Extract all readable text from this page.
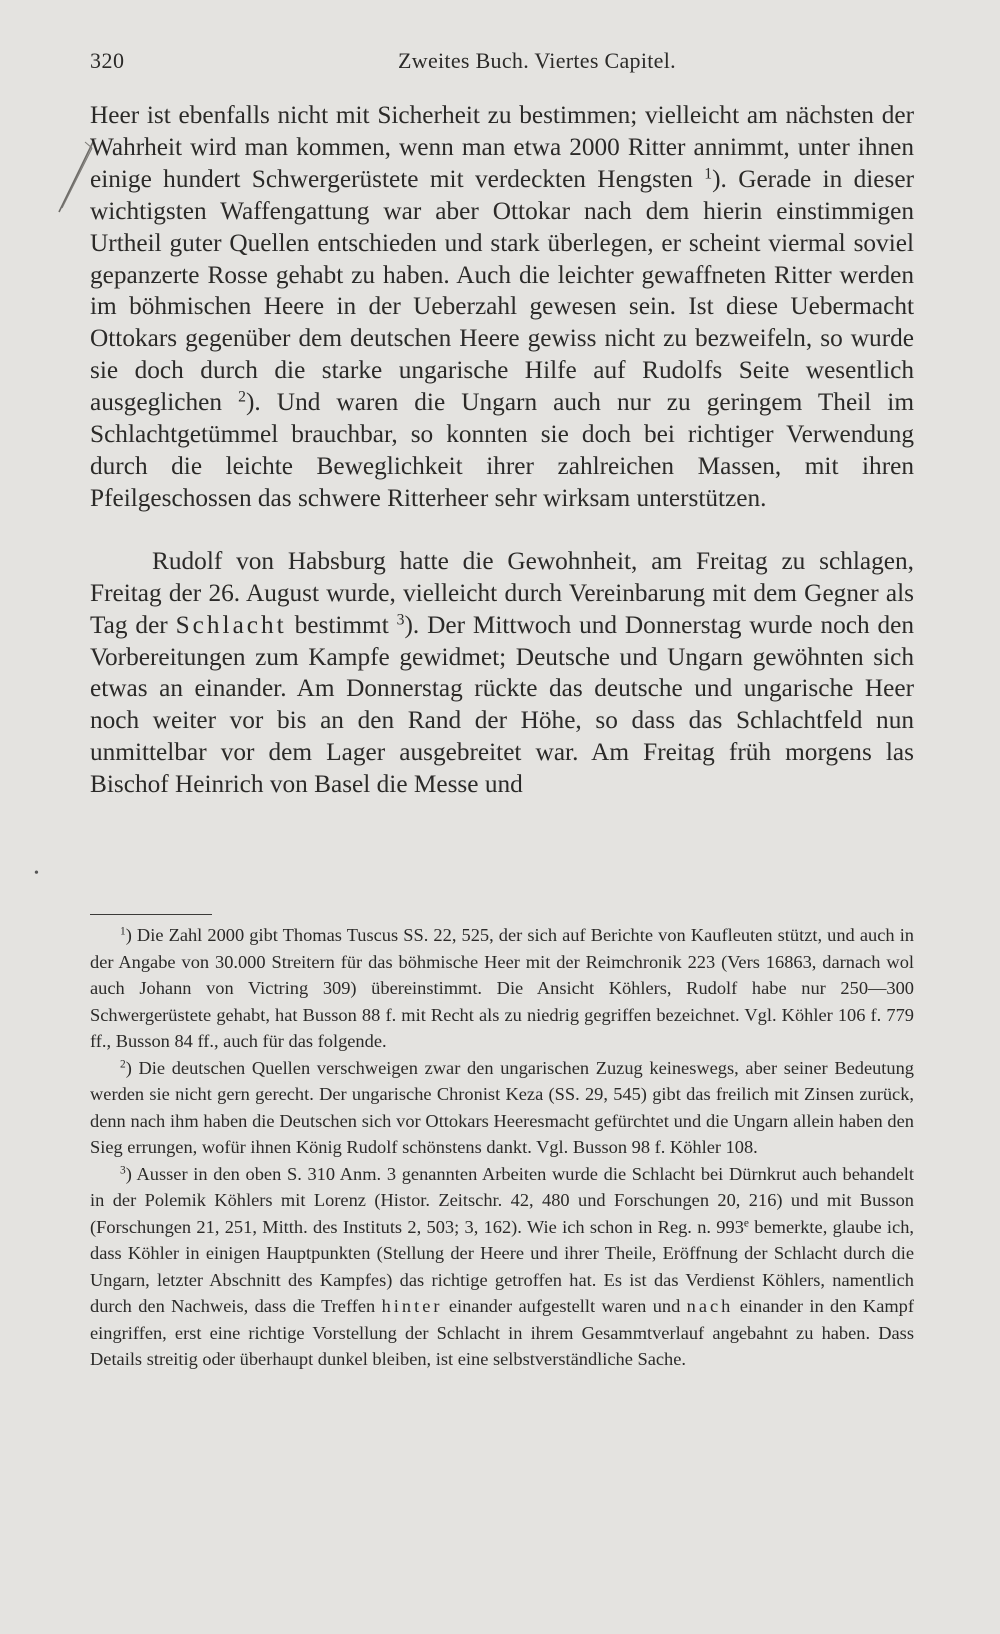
320	Zweites Buch. Viertes Capitel.

Heer ist ebenfalls nicht mit Sicherheit zu bestimmen; vielleicht am nächsten der Wahrheit wird man kommen, wenn man etwa 2000 Ritter annimmt, unter ihnen einige hundert Schwergerüstete mit verdeckten Hengsten $^1$). Gerade in dieser wichtigsten Waffengattung war aber Ottokar nach dem hierin einstimmigen Urtheil guter Quellen entschieden und stark überlegen, er scheint viermal soviel gepanzerte Rosse gehabt zu haben. Auch die leichter gewaffneten Ritter werden im böhmischen Heere in der Ueberzahl gewesen sein. Ist diese Uebermacht Ottokars gegenüber dem deutschen Heere gewiss nicht zu bezweifeln, so wurde sie doch durch die starke ungarische Hilfe auf Rudolfs Seite wesentlich ausgeglichen $^2$). Und waren die Ungarn auch nur zu geringem Theil im Schlachtgetümmel brauchbar, so konnten sie doch bei richtiger Verwendung durch die leichte Beweglichkeit ihrer zahlreichen Massen, mit ihren Pfeilgeschossen das schwere Ritterheer sehr wirksam unterstützen.

Rudolf von Habsburg hatte die Gewohnheit, am Freitag zu schlagen, Freitag der 26. August wurde, vielleicht durch Vereinbarung mit dem Gegner als Tag der Schlacht bestimmt $^3$). Der Mittwoch und Donnerstag wurde noch den Vorbereitungen zum Kampfe gewidmet; Deutsche und Ungarn gewöhnten sich etwas an einander. Am Donnerstag rückte das deutsche und ungarische Heer noch weiter vor bis an den Rand der Höhe, so dass das Schlachtfeld nun unmittelbar vor dem Lager ausgebreitet war. Am Freitag früh morgens las Bischof Heinrich von Basel die Messe und

•

$^1$) Die Zahl 2000 gibt Thomas Tuscus SS. 22, 525, der sich auf Berichte von Kaufleuten stützt, und auch in der Angabe von 30.000 Streitern für das böhmische Heer mit der Reimchronik 223 (Vers 16863, darnach wol auch Johann von Victring 309) übereinstimmt. Die Ansicht Köhlers, Rudolf habe nur 250—300 Schwergerüstete gehabt, hat Busson 88 f. mit Recht als zu niedrig gegriffen bezeichnet. Vgl. Köhler 106 f. 779 ff., Busson 84 ff., auch für das folgende.

$^2$) Die deutschen Quellen verschweigen zwar den ungarischen Zuzug keineswegs, aber seiner Bedeutung werden sie nicht gern gerecht. Der ungarische Chronist Keza (SS. 29, 545) gibt das freilich mit Zinsen zurück, denn nach ihm haben die Deutschen sich vor Ottokars Heeresmacht gefürchtet und die Ungarn allein haben den Sieg errungen, wofür ihnen König Rudolf schönstens dankt. Vgl. Busson 98 f. Köhler 108.

$^3$) Ausser in den oben S. 310 Anm. 3 genannten Arbeiten wurde die Schlacht bei Dürnkrut auch behandelt in der Polemik Köhlers mit Lorenz (Histor. Zeitschr. 42, 480 und Forschungen 20, 216) und mit Busson (Forschungen 21, 251, Mitth. des Instituts 2, 503; 3, 162). Wie ich schon in Reg. n. 993e bemerkte, glaube ich, dass Köhler in einigen Hauptpunkten (Stellung der Heere und ihrer Theile, Eröffnung der Schlacht durch die Ungarn, letzter Abschnitt des Kampfes) das richtige getroffen hat. Es ist das Verdienst Köhlers, namentlich durch den Nachweis, dass die Treffen hinter einander aufgestellt waren und nach einander in den Kampf eingriffen, erst eine richtige Vorstellung der Schlacht in ihrem Gesammtverlauf angebahnt zu haben. Dass Details streitig oder überhaupt dunkel bleiben, ist eine selbstverständliche Sache.
